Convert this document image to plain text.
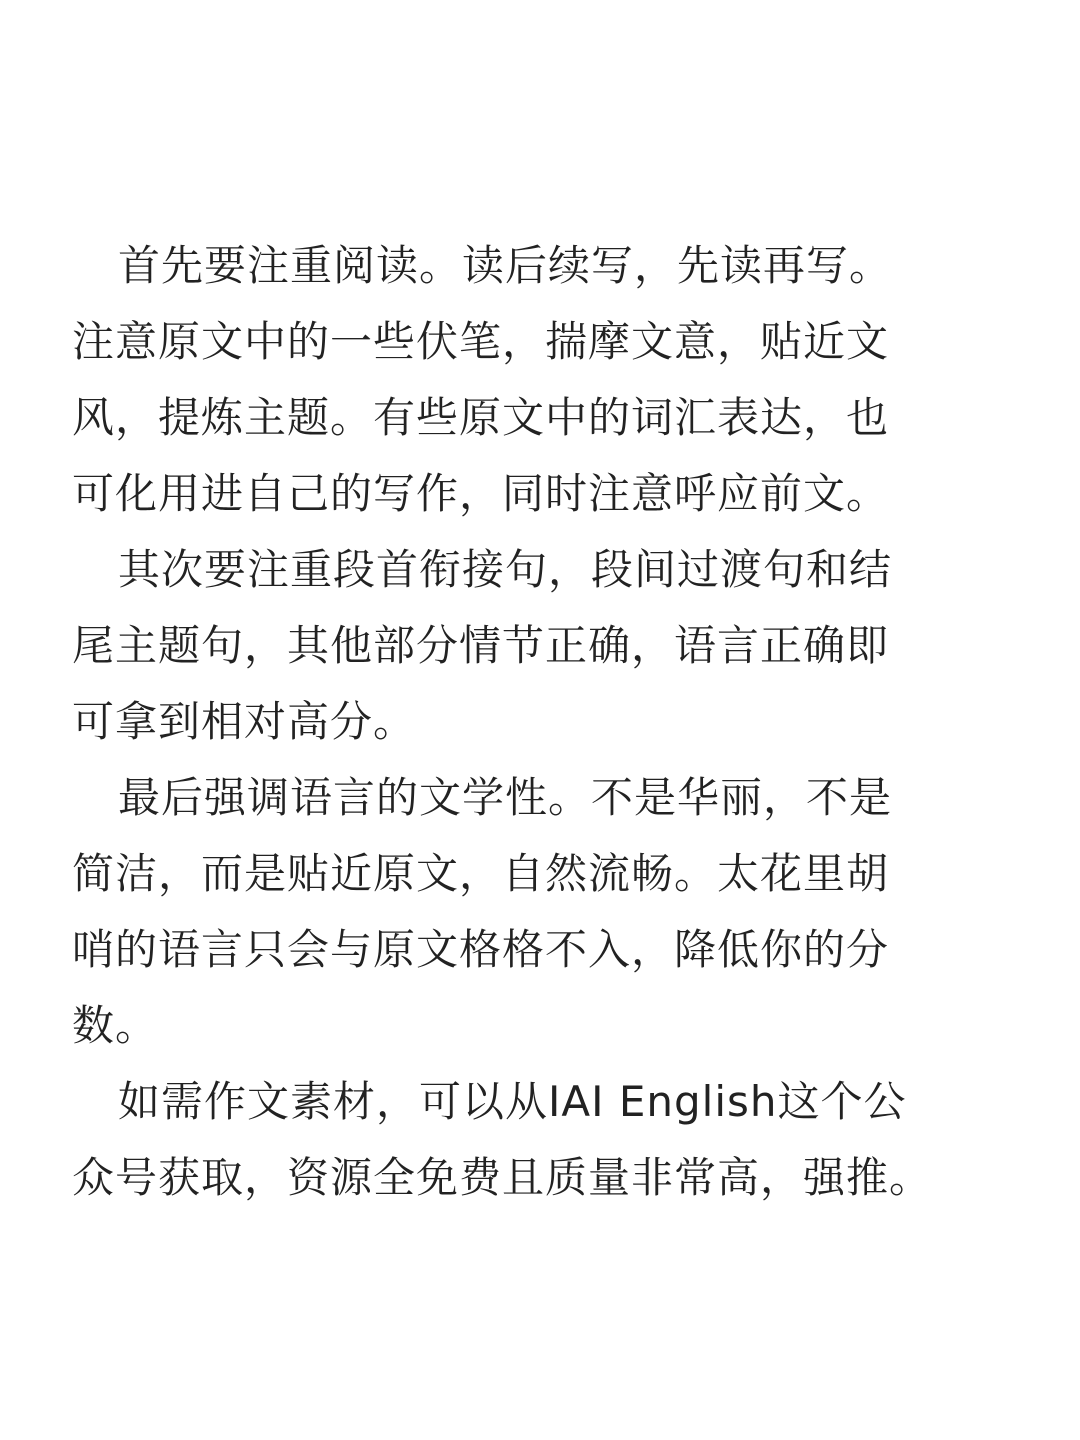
首先要注重阅读。读后续写，先读再写。
注意原文中的一些伏笔，揣摩文意，贴近文
风，提炼主题。有些原文中的词汇表达，也
可化用进自己的写作，同时注意呼应前文。
其次要注重段首衔接句，段间过渡句和结
尾主题句，其他部分情节正确，语言正确即
可拿到相对高分。
最后强调语言的文学性。不是华丽，不是
简洁，而是贴近原文，自然流畅。太花里胡
哨的语言只会与原文格格不入，降低你的分
数。
如需作文素材，可以从IAI English这个公
众号获取，资源全免费且质量非常高，强推。
